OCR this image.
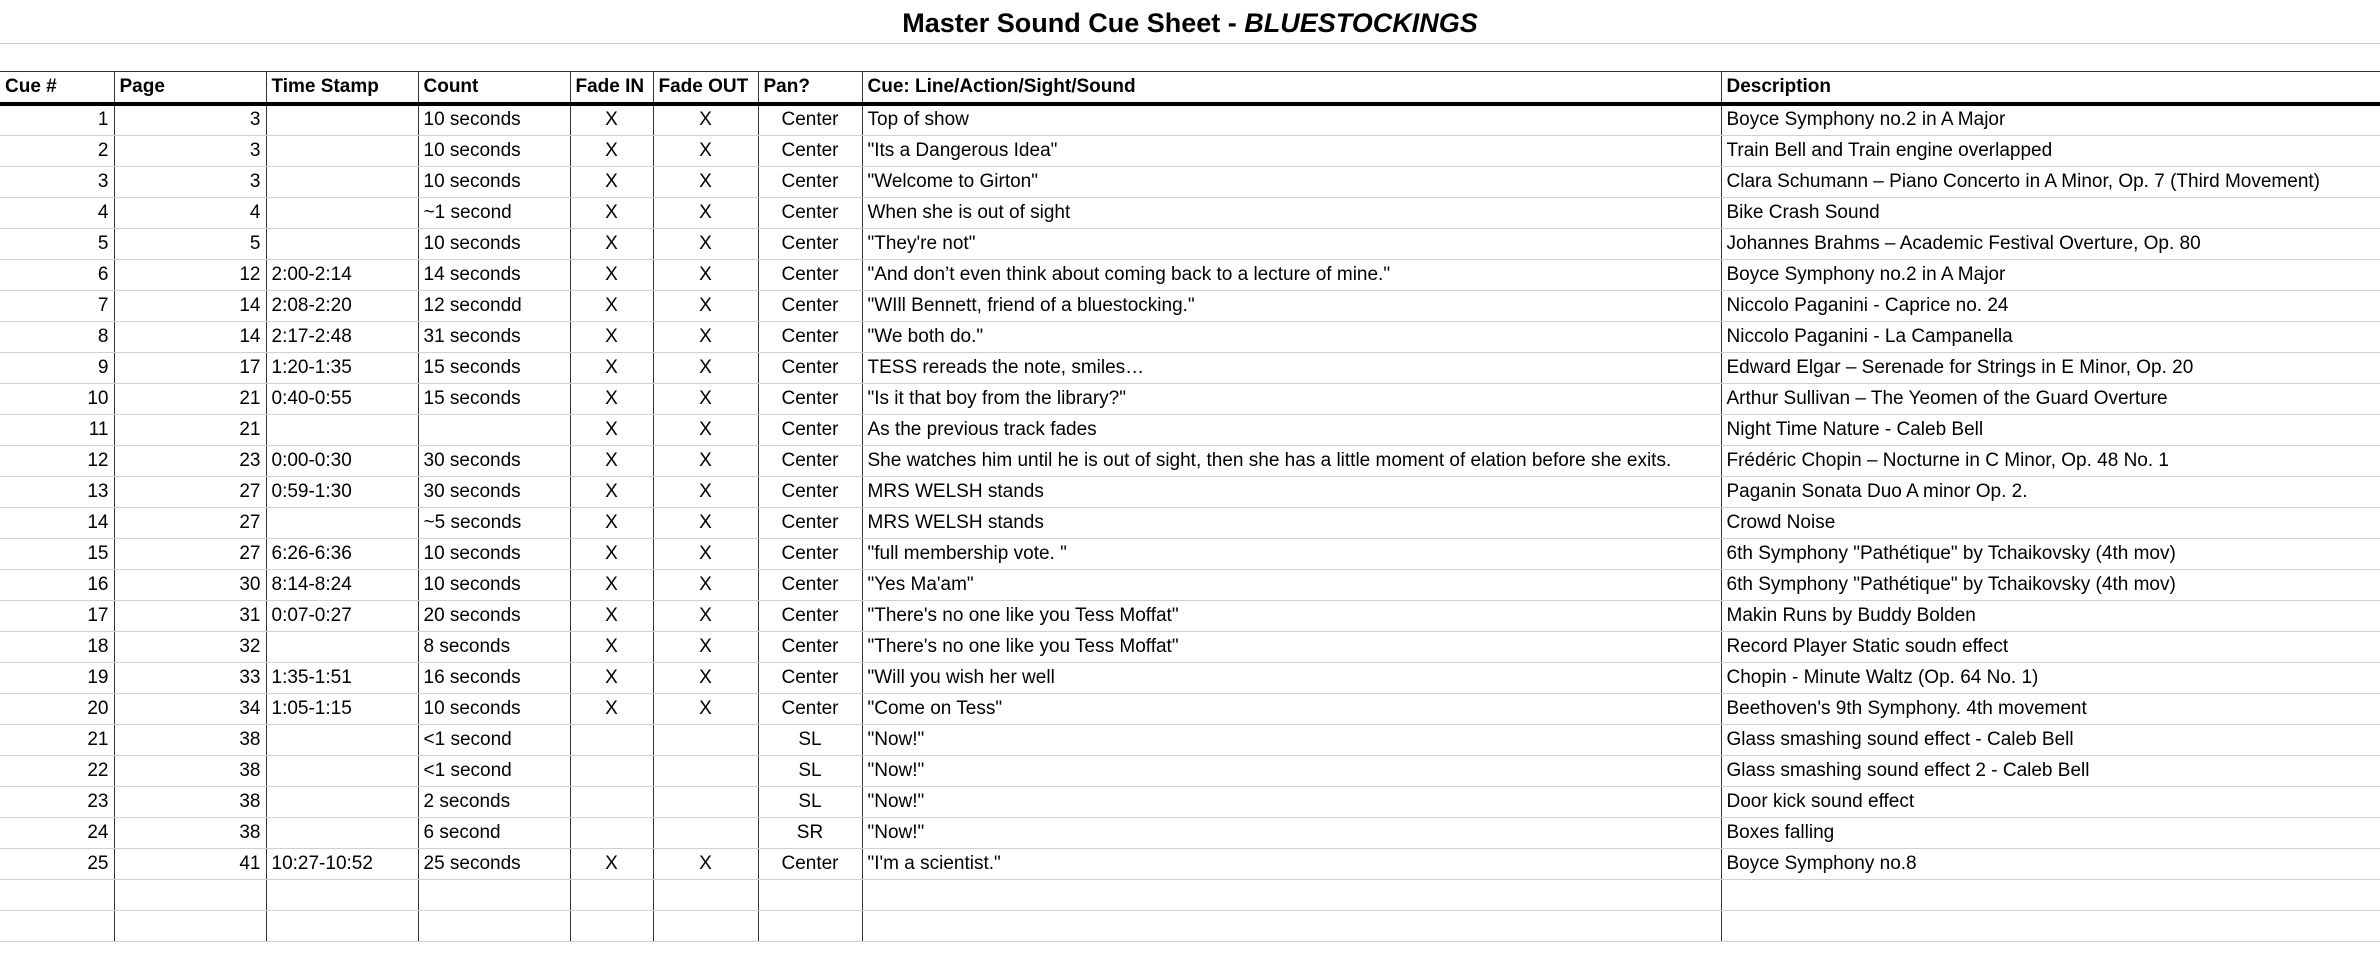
Master Sound Cue Sheet - BLUESTOCKINGS
Cue #	Page	Time Stamp	Count	Fade IN	Fade OUT	Pan?	Cue: Line/Action/Sight/Sound	Description
1	3		10 seconds	X	X	Center	Top of show	Boyce Symphony no.2 in A Major
2	3		10 seconds	X	X	Center	"Its a Dangerous Idea"	Train Bell and Train engine overlapped
3	3		10 seconds	X	X	Center	"Welcome to Girton"	Clara Schumann – Piano Concerto in A Minor, Op. 7 (Third Movement)
4	4		~1 second	X	X	Center	When she is out of sight	Bike Crash Sound
5	5		10 seconds	X	X	Center	"They're not"	Johannes Brahms – Academic Festival Overture, Op. 80
6	12	2:00-2:14	14 seconds	X	X	Center	"And don’t even think about coming back to a lecture of mine."	Boyce Symphony no.2 in A Major
7	14	2:08-2:20	12 secondd	X	X	Center	"WIll Bennett, friend of a bluestocking."	Niccolo Paganini - Caprice no. 24
8	14	2:17-2:48	31 seconds	X	X	Center	"We both do."	Niccolo Paganini - La Campanella
9	17	1:20-1:35	15 seconds	X	X	Center	TESS rereads the note, smiles…	Edward Elgar – Serenade for Strings in E Minor, Op. 20
10	21	0:40-0:55	15 seconds	X	X	Center	"Is it that boy from the library?"	Arthur Sullivan – The Yeomen of the Guard Overture
11	21			X	X	Center	As the previous track fades	Night Time Nature - Caleb Bell
12	23	0:00-0:30	30 seconds	X	X	Center	She watches him until he is out of sight, then she has a little moment of elation before she exits.	Frédéric Chopin – Nocturne in C Minor, Op. 48 No. 1
13	27	0:59-1:30	30 seconds	X	X	Center	MRS WELSH stands	Paganin Sonata Duo A minor Op. 2.
14	27		~5 seconds	X	X	Center	MRS WELSH stands	Crowd Noise
15	27	6:26-6:36	10 seconds	X	X	Center	"full membership vote. "	6th Symphony "Pathétique" by Tchaikovsky (4th mov)
16	30	8:14-8:24	10 seconds	X	X	Center	"Yes Ma'am"	6th Symphony "Pathétique" by Tchaikovsky (4th mov)
17	31	0:07-0:27	20 seconds	X	X	Center	"There's no one like you Tess Moffat"	Makin Runs by Buddy Bolden
18	32		8 seconds	X	X	Center	"There's no one like you Tess Moffat"	Record Player Static soudn effect
19	33	1:35-1:51	16 seconds	X	X	Center	"Will you wish her well	Chopin - Minute Waltz (Op. 64 No. 1)
20	34	1:05-1:15	10 seconds	X	X	Center	"Come on Tess"	Beethoven's 9th Symphony. 4th movement
21	38		<1 second			SL	"Now!"	Glass smashing sound effect - Caleb Bell
22	38		<1 second			SL	"Now!"	Glass smashing sound effect 2 - Caleb Bell
23	38		2 seconds			SL	"Now!"	Door kick sound effect
24	38		6 second			SR	"Now!"	Boxes falling
25	41	10:27-10:52	25 seconds	X	X	Center	"I'm a scientist."	Boyce Symphony no.8
